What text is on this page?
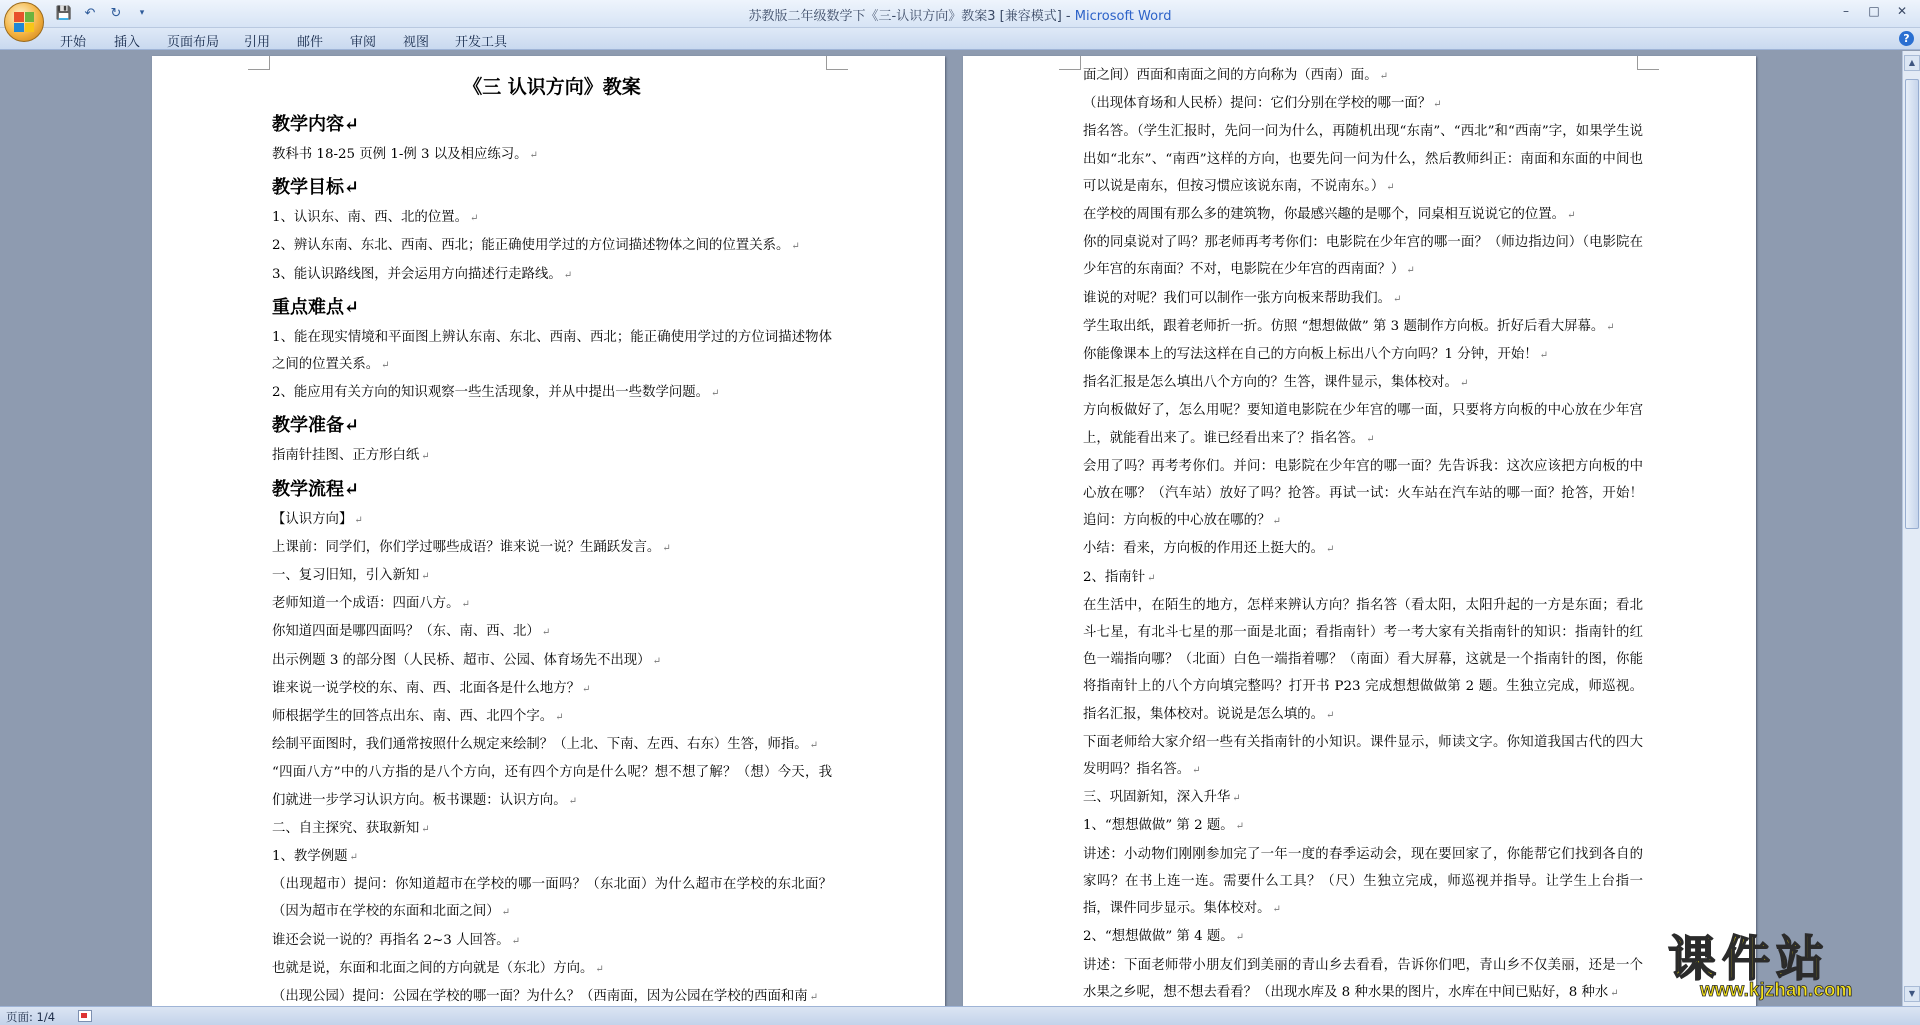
💾 ↶	↻	▾	苏教版二年级数学下《三-认识方向》教案3 [兼容模式] - Microsoft Word	–	□	✕
开始 插入 页面布局 引用 邮件 审阅 视图 开发工具	?
《三 认识方向》教案
教学内容↵
教科书 18-25 页例 1-例 3 以及相应练习。 ↵
教学目标↵
1、认识东、南、西、北的位置。 ↵
2、辨认东南、东北、西南、西北；能正确使用学过的方位词描述物体之间的位置关系。 ↵
3、能认识路线图，并会运用方向描述行走路线。 ↵
重点难点↵
1、能在现实情境和平面图上辨认东南、东北、西南、西北；能正确使用学过的方位词描述物体之间的位置关系。 ↵
2、能应用有关方向的知识观察一些生活现象，并从中提出一些数学问题。 ↵
教学准备↵
指南针挂图、正方形白纸 ↵
教学流程↵
【认识方向】 ↵
上课前：同学们，你们学过哪些成语？谁来说一说？生踊跃发言。 ↵
一、复习旧知，引入新知 ↵
老师知道一个成语：四面八方。 ↵
你知道四面是哪四面吗？（东、南、西、北） ↵
出示例题 3 的部分图（人民桥、超市、公园、体育场先不出现） ↵
谁来说一说学校的东、南、西、北面各是什么地方？ ↵
师根据学生的回答点出东、南、西、北四个字。 ↵
绘制平面图时，我们通常按照什么规定来绘制？（上北、下南、左西、右东）生答，师指。 ↵
“四面八方”中的八方指的是八个方向，还有四个方向是什么呢？想不想了解？（想）今天，我们就进一步学习认识方向。板书课题：认识方向。 ↵
二、自主探究、获取新知 ↵
1、教学例题 ↵
（出现超市）提问：你知道超市在学校的哪一面吗？（东北面）为什么超市在学校的东北面？（因为超市在学校的东面和北面之间） ↵
谁还会说一说的？再指名 2~3 人回答。 ↵
也就是说，东面和北面之间的方向就是（东北）方向。 ↵
（出现公园）提问：公园在学校的哪一面？为什么？（西南面，因为公园在学校的西面和南 ↵
面之间）西面和南面之间的方向称为（西南）面。 ↵
（出现体育场和人民桥）提问：它们分别在学校的哪一面？ ↵
指名答。（学生汇报时，先问一问为什么，再随机出现“东南”、“西北”和“西南”字，如果学生说出如“北东”、“南西”这样的方向，也要先问一问为什么，然后教师纠正：南面和东面的中间也可以说是南东，但按习惯应该说东南，不说南东。） ↵
在学校的周围有那么多的建筑物，你最感兴趣的是哪个，同桌相互说说它的位置。 ↵
你的同桌说对了吗？那老师再考考你们：电影院在少年宫的哪一面？（师边指边问）（电影院在少年宫的东南面？不对，电影院在少年宫的西南面？） ↵
谁说的对呢？我们可以制作一张方向板来帮助我们。 ↵
学生取出纸，跟着老师折一折。仿照 “想想做做” 第 3 题制作方向板。折好后看大屏幕。 ↵
你能像课本上的写法这样在自己的方向板上标出八个方向吗？1 分钟，开始！ ↵
指名汇报是怎么填出八个方向的？生答，课件显示，集体校对。 ↵
方向板做好了，怎么用呢？要知道电影院在少年宫的哪一面，只要将方向板的中心放在少年宫上，就能看出来了。谁已经看出来了？指名答。 ↵
会用了吗？再考考你们。并问：电影院在少年宫的哪一面？先告诉我：这次应该把方向板的中心放在哪？（汽车站）放好了吗？抢答。再试一试：火车站在汽车站的哪一面？抢答，开始！追问：方向板的中心放在哪的？ ↵
小结：看来，方向板的作用还上挺大的。 ↵
2、指南针 ↵
在生活中，在陌生的地方，怎样来辨认方向？指名答（看太阳，太阳升起的一方是东面；看北斗七星，有北斗七星的那一面是北面；看指南针）考一考大家有关指南针的知识：指南针的红色一端指向哪？（北面）白色一端指着哪？（南面）看大屏幕，这就是一个指南针的图，你能将指南针上的八个方向填完整吗？打开书 P23 完成想想做做第 2 题。生独立完成，师巡视。指名汇报，集体校对。说说是怎么填的。 ↵
下面老师给大家介绍一些有关指南针的小知识。课件显示，师读文字。你知道我国古代的四大发明吗？指名答。 ↵
三、巩固新知，深入升华 ↵
1、“想想做做” 第 2 题。 ↵
讲述：小动物们刚刚参加完了一年一度的春季运动会，现在要回家了，你能帮它们找到各自的家吗？在书上连一连。需要什么工具？（尺）生独立完成，师巡视并指导。让学生上台指一指，课件同步显示。集体校对。 ↵
2、“想想做做” 第 4 题。 ↵
讲述：下面老师带小朋友们到美丽的青山乡去看看，告诉你们吧，青山乡不仅美丽，还是一个水果之乡呢，想不想去看看？（出现水库及 8 种水果的图片，水库在中间已贴好，8 种水 ↵
▲
▼
页面: 1/4
课件站
www.kjzhan.com
